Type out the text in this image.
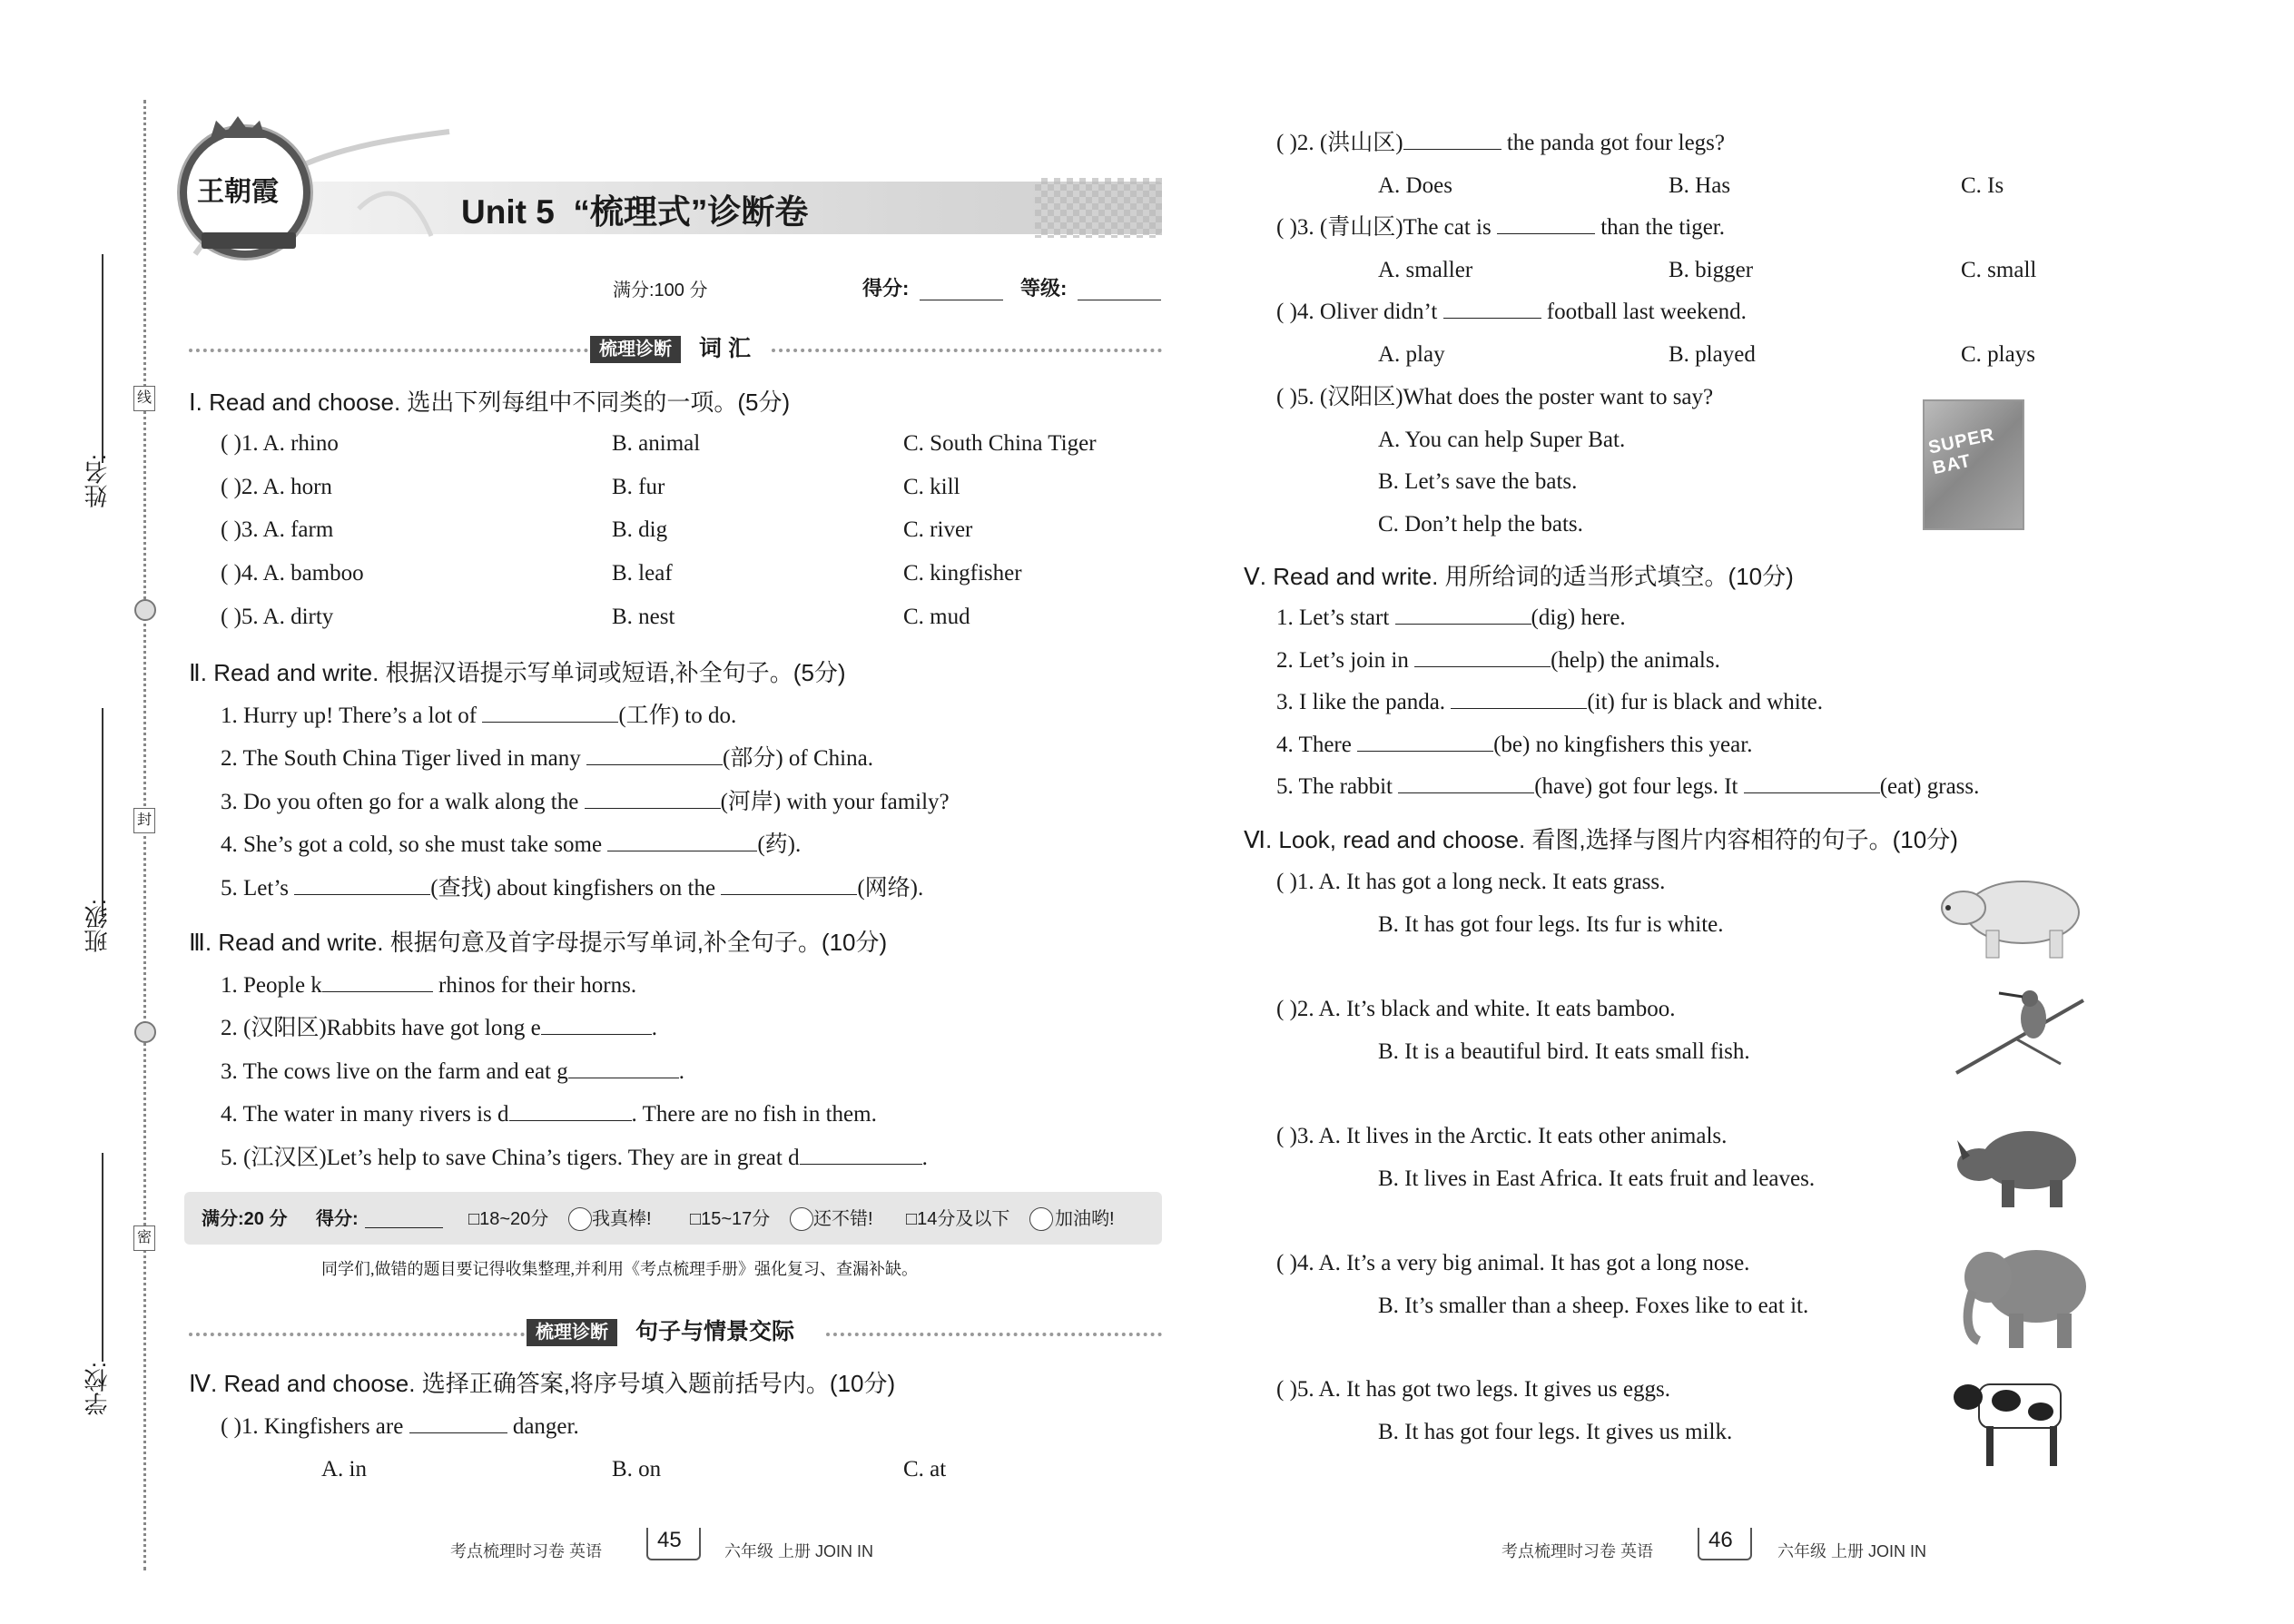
姓名:
班级:
学校:
线
封
密
王朝霞
Unit 5  “梳理式”诊断卷
满分:100 分	得分:	等级:
梳理诊断	词 汇
Ⅰ. Read and choose. 选出下列每组中不同类的一项。(5分)
( )1. A. rhino	B. animal	C. South China Tiger
( )2. A. horn	B. fur	C. kill
( )3. A. farm	B. dig	C. river
( )4. A. bamboo	B. leaf	C. kingfisher
( )5. A. dirty	B. nest	C. mud
Ⅱ. Read and write. 根据汉语提示写单词或短语,补全句子。(5分)
1. Hurry up! There’s a lot of	(工作) to do.
2. The South China Tiger lived in many	(部分) of China.
3. Do you often go for a walk along the	(河岸) with your family?
4. She’s got a cold, so she must take some	(药).
5. Let’s	(查找) about kingfishers on the	(网络).
Ⅲ. Read and write. 根据句意及首字母提示写单词,补全句子。(10分)
1. People k	rhinos for their horns.
2. (汉阳区)Rabbits have got long e	.
3. The cows live on the farm and eat g	.
4. The water in many rivers is d	. There are no fish in them.
5. (江汉区)Let’s help to save China’s tigers. They are in great d	.
满分:20 分 得分:	□18~20分 我真棒! □15~17分 还不错! □14分及以下 加油哟!
同学们,做错的题目要记得收集整理,并利用《考点梳理手册》强化复习、查漏补缺。
梳理诊断	句子与情景交际
Ⅳ. Read and choose. 选择正确答案,将序号填入题前括号内。(10分)
( )1. Kingfishers are	danger.
A. in	B. on	C. at
考点梳理时习卷 英语	45	六年级 上册 JOIN IN
( )2. (洪山区)	the panda got four legs?
A. Does	B. Has	C. Is
( )3. (青山区)The cat is	than the tiger.
A. smaller	B. bigger	C. small
( )4. Oliver didn’t	football last weekend.
A. play	B. played	C. plays
( )5. (汉阳区)What does the poster want to say?
A. You can help Super Bat.
B. Let’s save the bats.
C. Don’t help the bats.
SUPER BAT
Ⅴ. Read and write. 用所给词的适当形式填空。(10分)
1. Let’s start	(dig) here.
2. Let’s join in	(help) the animals.
3. I like the panda.	(it) fur is black and white.
4. There	(be) no kingfishers this year.
5. The rabbit	(have) got four legs. It	(eat) grass.
Ⅵ. Look, read and choose. 看图,选择与图片内容相符的句子。(10分)
( )1. A. It has got a long neck. It eats grass.
B. It has got four legs. Its fur is white.
( )2. A. It’s black and white. It eats bamboo.
B. It is a beautiful bird. It eats small fish.
( )3. A. It lives in the Arctic. It eats other animals.
B. It lives in East Africa. It eats fruit and leaves.
( )4. A. It’s a very big animal. It has got a long nose.
B. It’s smaller than a sheep. Foxes like to eat it.
( )5. A. It has got two legs. It gives us eggs.
B. It has got four legs. It gives us milk.
考点梳理时习卷 英语	46	六年级 上册 JOIN IN
